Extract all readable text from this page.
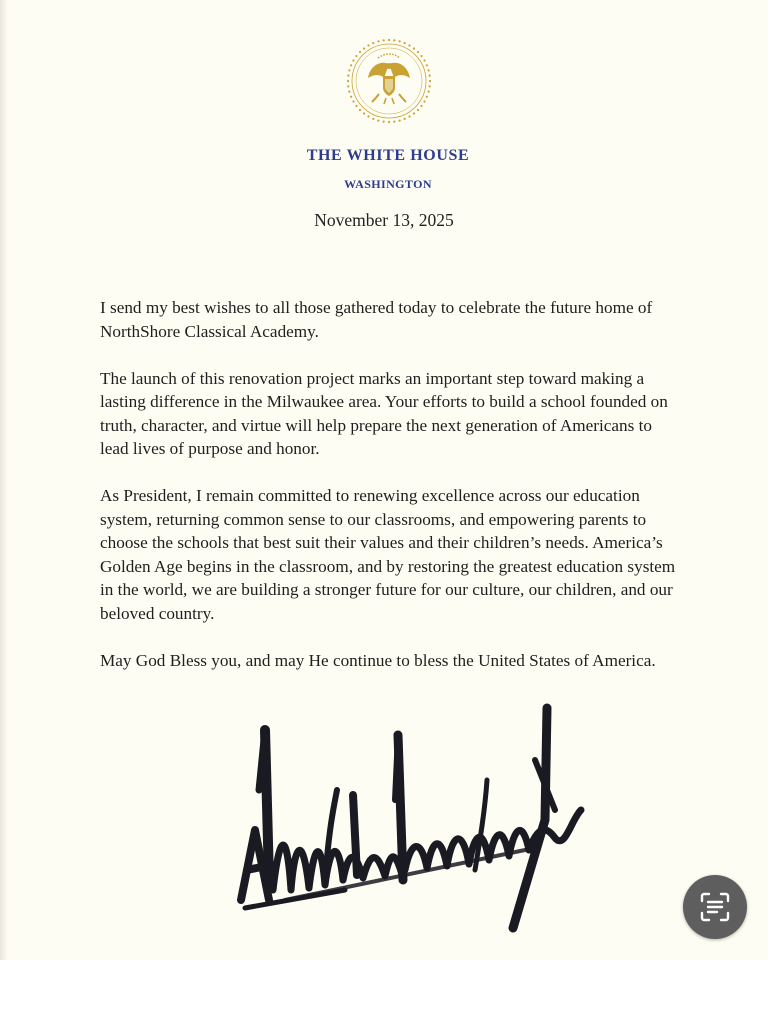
THE WHITE HOUSE
WASHINGTON
November 13, 2025

I send my best wishes to all those gathered today to celebrate the future home of NorthShore Classical Academy.

The launch of this renovation project marks an important step toward making a lasting difference in the Milwaukee area. Your efforts to build a school founded on truth, character, and virtue will help prepare the next generation of Americans to lead lives of purpose and honor.

As President, I remain committed to renewing excellence across our education system, returning common sense to our classrooms, and empowering parents to choose the schools that best suit their values and their children’s needs. America’s Golden Age begins in the classroom, and by restoring the greatest education system in the world, we are building a stronger future for our culture, our children, and our beloved country.

May God Bless you, and may He continue to bless the United States of America.
